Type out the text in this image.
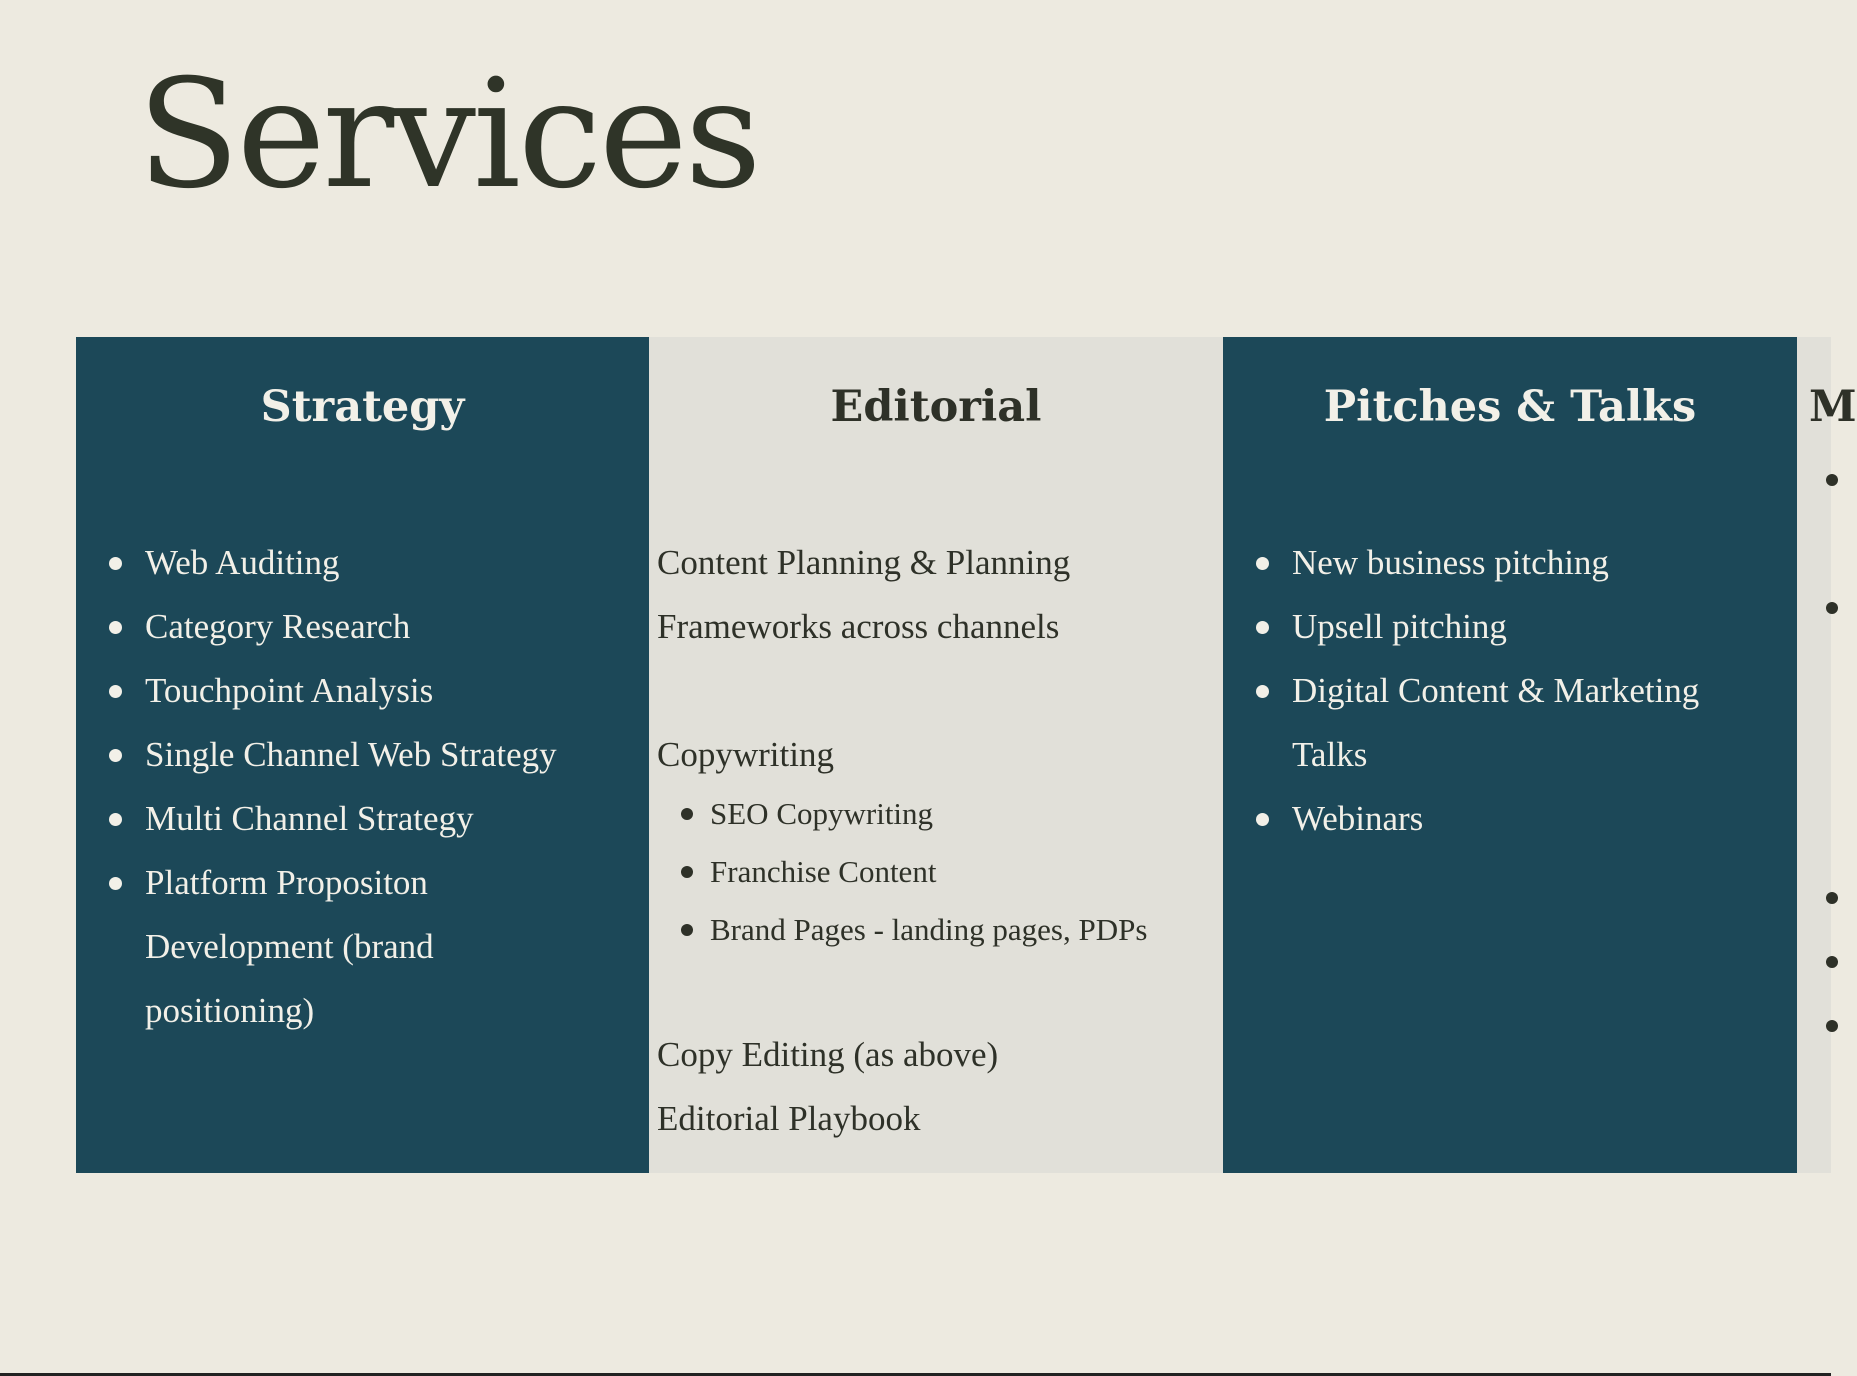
Services
Strategy
Web Auditing
Category Research
Touchpoint Analysis
Single Channel Web Strategy
Multi Channel Strategy
Platform Propositon Development (brand positioning)
Editorial

Content Planning & Planning

Frameworks across channels

Copywriting

SEO Copywriting
Franchise Content
Brand Pages - landing pages, PDPs

Copy Editing (as above)

Editorial Playbook

Pitches & Talks
New business pitching
Upsell pitching
Digital Content & Marketing Talks
Webinars
M
